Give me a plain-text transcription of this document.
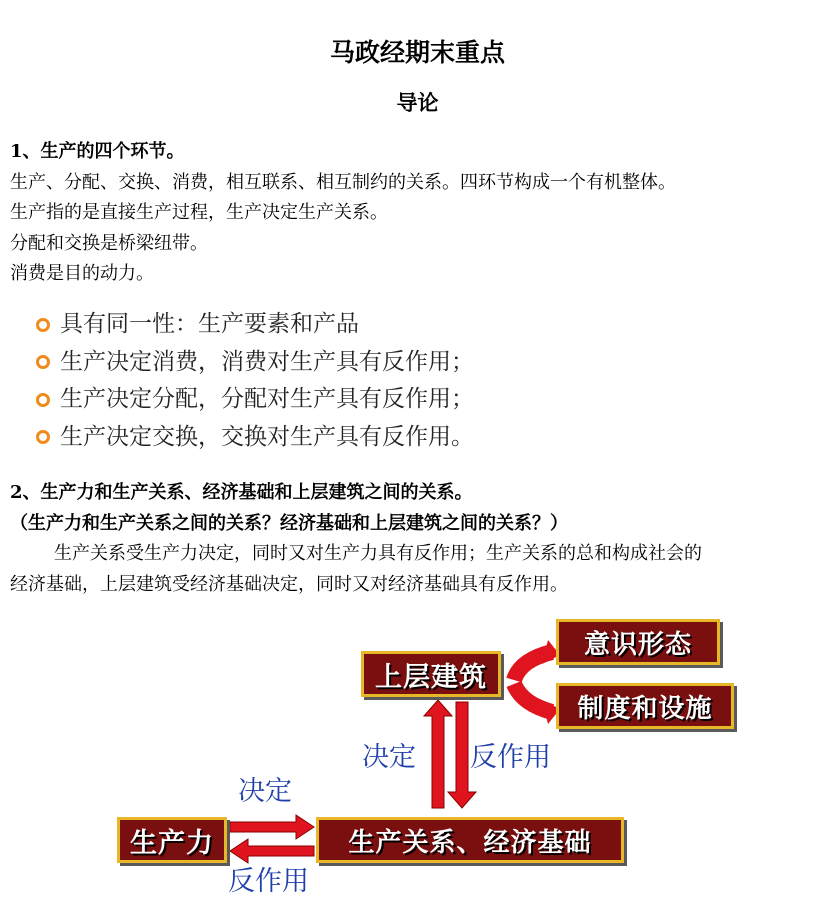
马政经期末重点
导论
1、生产的四个环节。
生产、分配、交换、消费，相互联系、相互制约的关系。四环节构成一个有机整体。
生产指的是直接生产过程，生产决定生产关系。
分配和交换是桥梁纽带。
消费是目的动力。
具有同一性：生产要素和产品
生产决定消费，消费对生产具有反作用；
生产决定分配，分配对生产具有反作用；
生产决定交换，交换对生产具有反作用。
2、生产力和生产关系、经济基础和上层建筑之间的关系。
（生产力和生产关系之间的关系？经济基础和上层建筑之间的关系？）
生产关系受生产力决定，同时又对生产力具有反作用；生产关系的总和构成社会的
经济基础，上层建筑受经济基础决定，同时又对经济基础具有反作用。
上层建筑
意识形态
制度和设施
生产力	生产关系、经济基础
决定 反作用
决定
反作用
